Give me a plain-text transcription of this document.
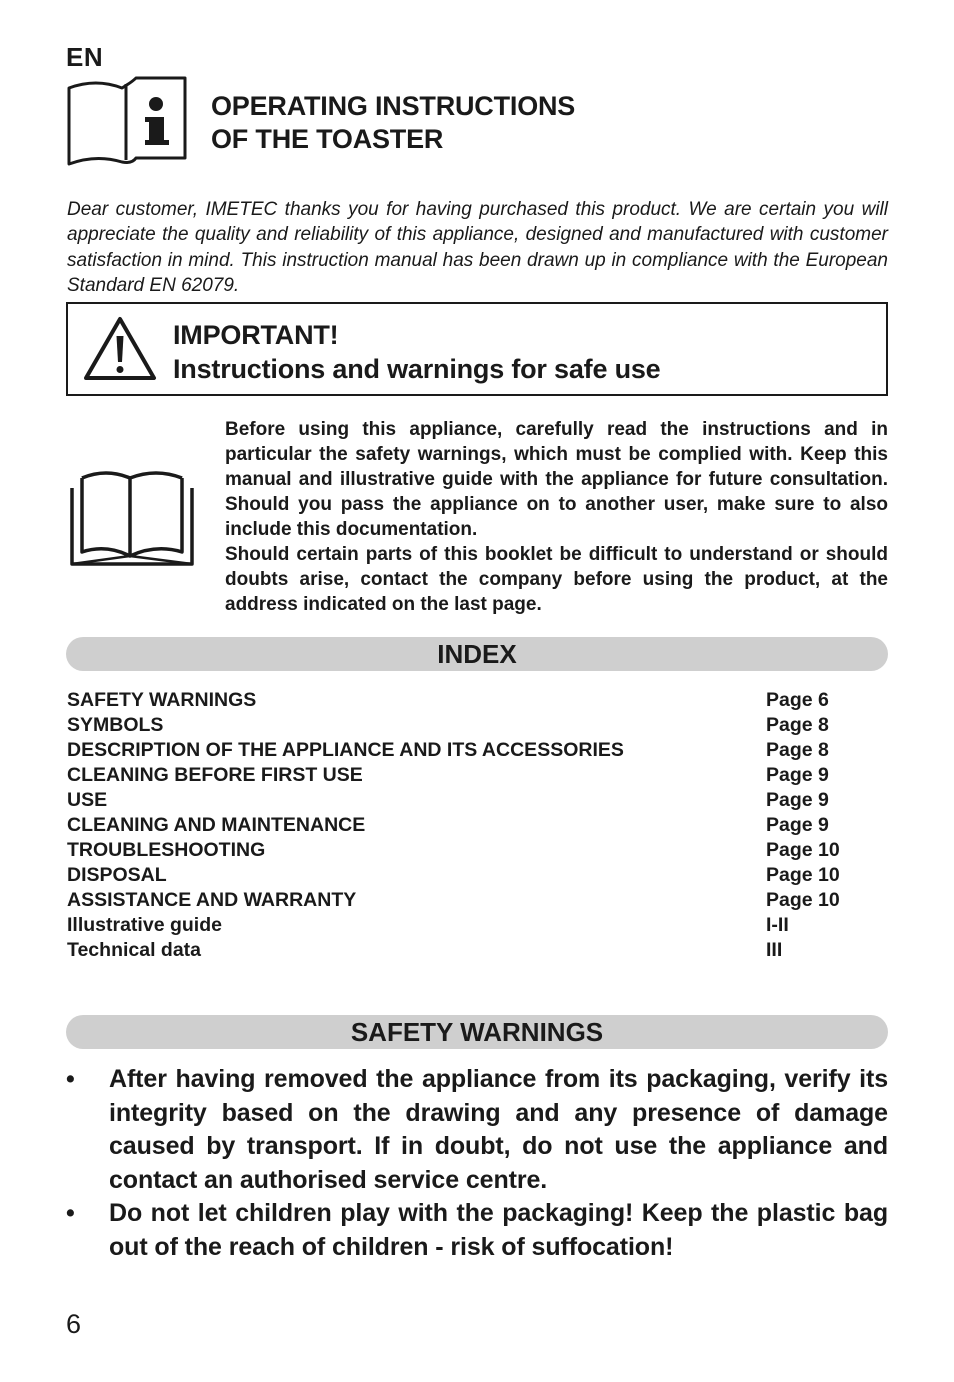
EN
OPERATING INSTRUCTIONS
OF THE TOASTER

Dear customer, IMETEC thanks you for having purchased this product. We are certain you will appreciate the quality and reliability of this appliance, designed and manufactured with customer satisfaction in mind. This instruction manual has been drawn up in compliance with the European Standard EN 62079.

IMPORTANT!
Instructions and warnings for safe use

Before using this appliance, carefully read the instructions and in particular the safety warnings, which must be complied with. Keep this manual and illustrative guide with the appliance for future consultation. Should you pass the appliance on to another user, make sure to also include this documentation.

Should certain parts of this booklet be difficult to understand or should doubts arise, contact the company before using the product, at the address indicated on the last page.

INDEX
SAFETY WARNINGS	Page 6
SYMBOLS	Page 8
DESCRIPTION OF THE APPLIANCE AND ITS ACCESSORIES	Page 8
CLEANING BEFORE FIRST USE	Page 9
USE	Page 9
CLEANING AND MAINTENANCE	Page 9
TROUBLESHOOTING	Page 10
DISPOSAL	Page 10
ASSISTANCE AND WARRANTY	Page 10
Illustrative guide	I-II
Technical data	III
SAFETY WARNINGS
• After having removed the appliance from its packaging, verify its integrity based on the drawing and any presence of damage caused by transport. If in doubt, do not use the appliance and contact an authorised service centre.
• Do not let children play with the packaging! Keep the plastic bag out of the reach of children - risk of suffocation!
6
